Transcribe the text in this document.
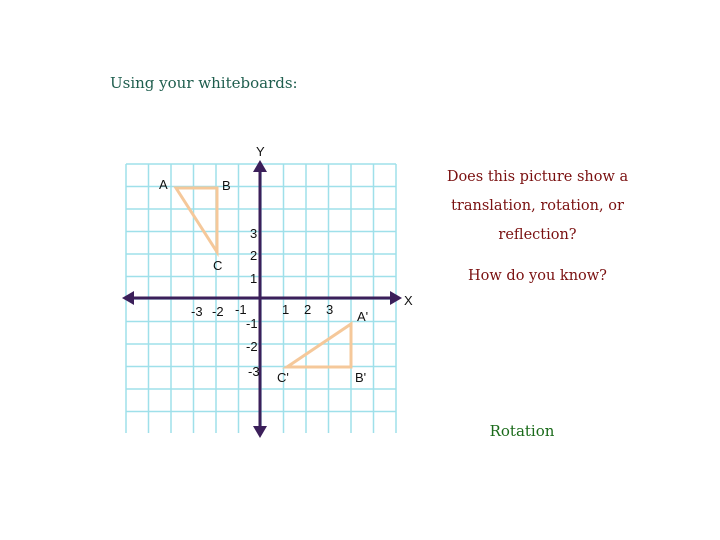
Using your whiteboards:
Does this picture show a translation, rotation, or reflection?
How do you know?
Rotation
Y
X
-3 -2 -1	1 2 3
3
2
1
-1
-2
-3
A	B
C
A'
B'
C'
